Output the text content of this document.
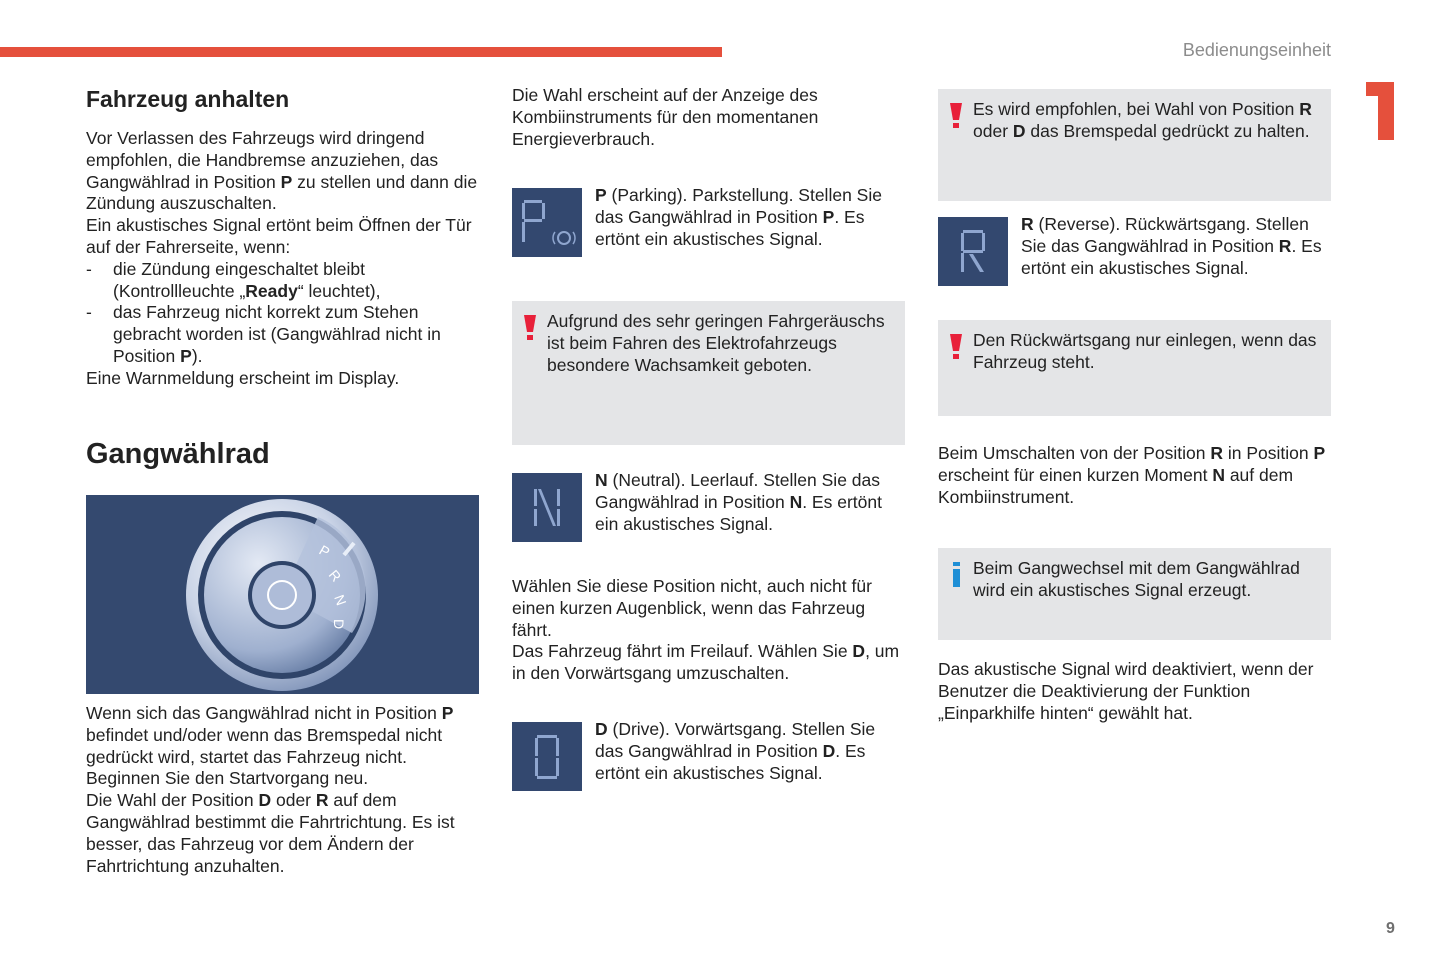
Bedienungseinheit
Fahrzeug anhalten

Vor Verlassen des Fahrzeugs wird dringend empfohlen, die Handbremse anzuziehen, das Gangwählrad in Position P zu stellen und dann die Zündung auszuschalten.

Ein akustisches Signal ertönt beim Öffnen der Tür auf der Fahrerseite, wenn:

- die Zündung eingeschaltet bleibt (Kontrollleuchte „Ready“ leuchtet),
- das Fahrzeug nicht korrekt zum Stehen gebracht worden ist (Gangwählrad nicht in Position P).

Eine Warnmeldung erscheint im Display.

Gangwählrad
P
R
N
D

Wenn sich das Gangwählrad nicht in Position P befindet und/oder wenn das Bremspedal nicht gedrückt wird, startet das Fahrzeug nicht.

Beginnen Sie den Startvorgang neu.

Die Wahl der Position D oder R auf dem Gangwählrad bestimmt die Fahrtrichtung. Es ist besser, das Fahrzeug vor dem Ändern der Fahrtrichtung anzuhalten.

Die Wahl erscheint auf der Anzeige des Kombiinstruments für den momentanen Energieverbrauch.

P (Parking). Parkstellung. Stellen Sie das Gangwählrad in Position P. Es ertönt ein akustisches Signal.

Aufgrund des sehr geringen Fahrgeräuschs ist beim Fahren des Elektrofahrzeugs besondere Wachsamkeit geboten.

N (Neutral). Leerlauf. Stellen Sie das Gangwählrad in Position N. Es ertönt ein akustisches Signal.

Wählen Sie diese Position nicht, auch nicht für einen kurzen Augenblick, wenn das Fahrzeug fährt.

Das Fahrzeug fährt im Freilauf. Wählen Sie D, um in den Vorwärtsgang umzuschalten.

D (Drive). Vorwärtsgang. Stellen Sie das Gangwählrad in Position D. Es ertönt ein akustisches Signal.

Es wird empfohlen, bei Wahl von Position R oder D das Bremspedal gedrückt zu halten.

R (Reverse). Rückwärtsgang. Stellen Sie das Gangwählrad in Position R. Es ertönt ein akustisches Signal.

Den Rückwärtsgang nur einlegen, wenn das Fahrzeug steht.

Beim Umschalten von der Position R in Position P erscheint für einen kurzen Moment N auf dem Kombiinstrument.

Beim Gangwechsel mit dem Gangwählrad wird ein akustisches Signal erzeugt.

Das akustische Signal wird deaktiviert, wenn der Benutzer die Deaktivierung der Funktion „Einparkhilfe hinten“ gewählt hat.

9
